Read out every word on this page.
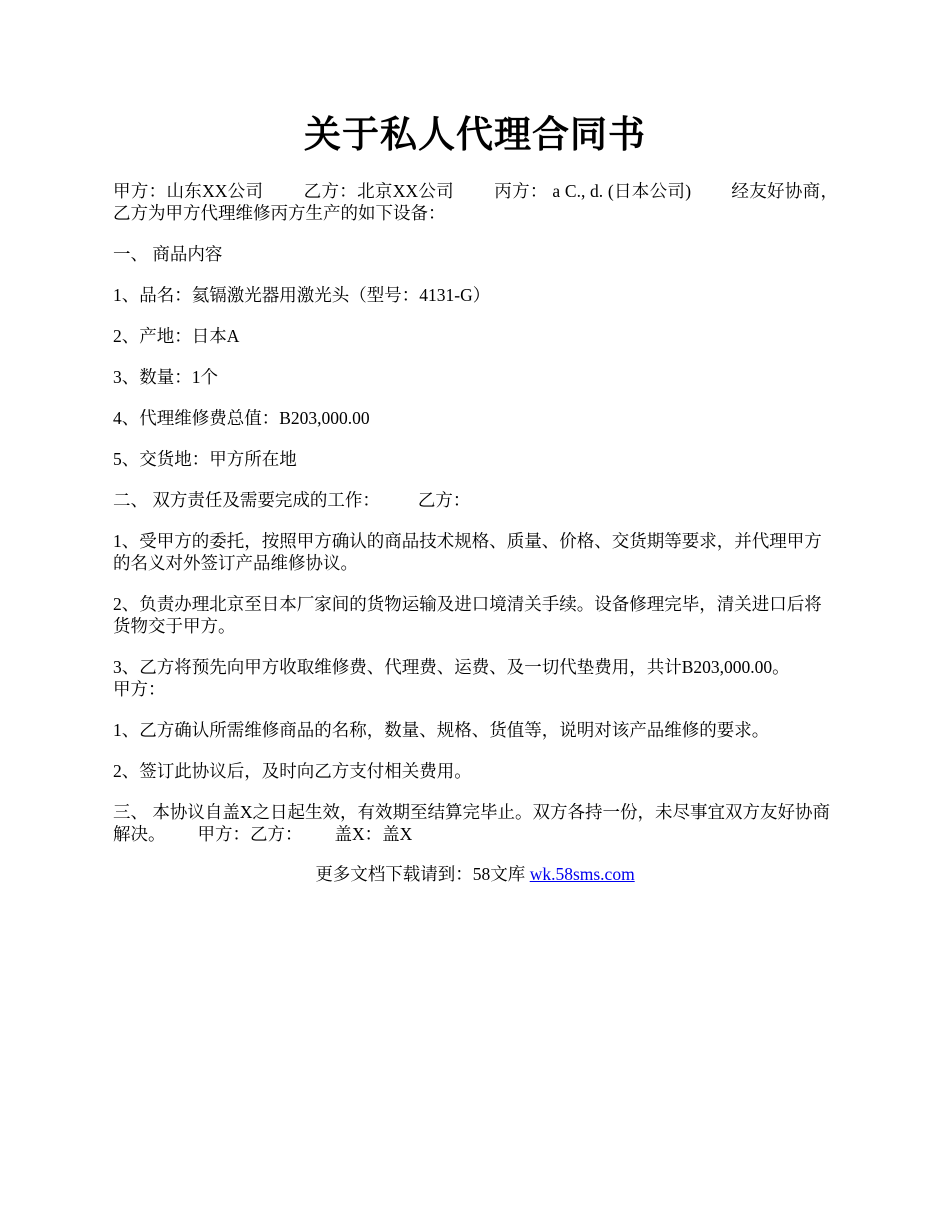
关于私人代理合同书

甲方：山东XX公司 乙方：北京XX公司 丙方： a C., d. (日本公司) 经友好协商，乙方为甲方代理维修丙方生产的如下设备：

一、 商品内容

1、品名：氦镉激光器用激光头（型号：4131-G）

2、产地：日本A

3、数量：1个

4、代理维修费总值：B203,000.00

5、交货地：甲方所在地

二、 双方责任及需要完成的工作： 乙方：

1、受甲方的委托，按照甲方确认的商品技术规格、质量、价格、交货期等要求，并代理甲方的名义对外签订产品维修协议。

2、负责办理北京至日本厂家间的货物运输及进口境清关手续。设备修理完毕，清关进口后将货物交于甲方。

3、乙方将预先向甲方收取维修费、代理费、运费、及一切代垫费用，共计B203,000.00。
甲方：

1、乙方确认所需维修商品的名称，数量、规格、货值等，说明对该产品维修的要求。

2、签订此协议后，及时向乙方支付相关费用。

三、 本协议自盖X之日起生效，有效期至结算完毕止。双方各持一份，未尽事宜双方友好协商解决。 甲方：乙方： 盖X：盖X

更多文档下载请到：58文库 wk.58sms.com
